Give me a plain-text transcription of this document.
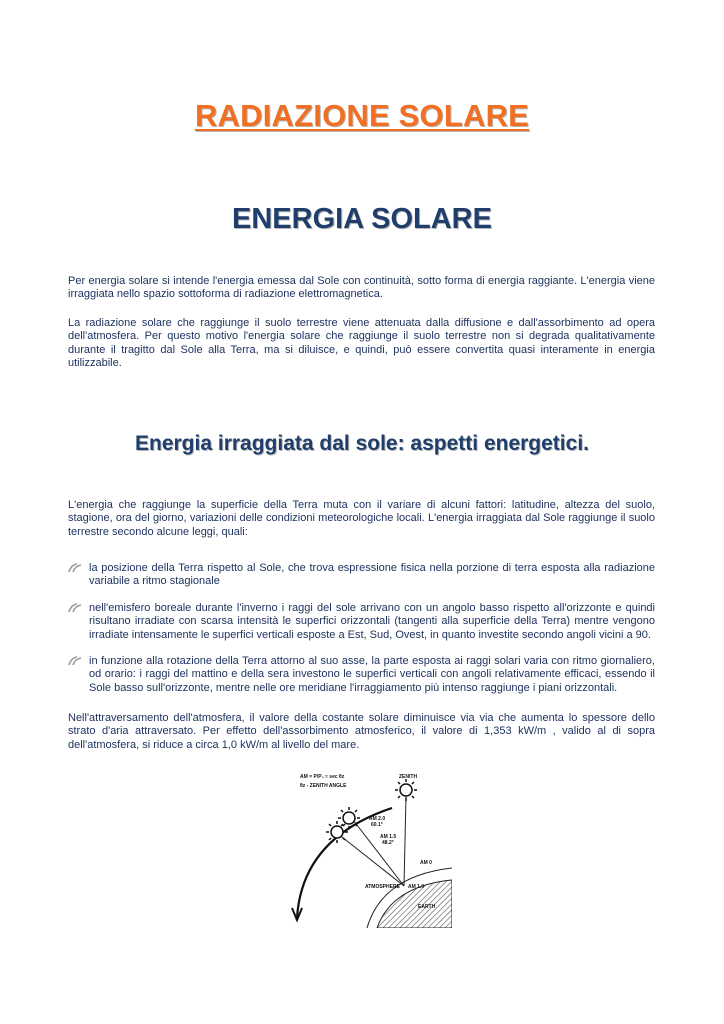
RADIAZIONE SOLARE
ENERGIA SOLARE

Per energia solare si intende l'energia emessa dal Sole con continuità, sotto forma di energia raggiante. L'energia viene irraggiata nello spazio sottoforma di radiazione elettromagnetica.

La radiazione solare che raggiunge il suolo terrestre viene attenuata dalla diffusione e dall'assorbimento ad opera dell'atmosfera. Per questo motivo l'energia solare che raggiunge il suolo terrestre non si degrada qualitativamente durante il tragitto dal Sole alla Terra, ma si diluisce, e quindi, può essere convertita quasi interamente in energia utilizzabile.

Energia irraggiata dal sole: aspetti energetici.

L'energia che raggiunge la superficie della Terra muta con il variare di alcuni fattori: latitudine, altezza del suolo, stagione, ora del giorno, variazioni delle condizioni meteorologiche locali. L'energia irraggiata dal Sole raggiunge il suolo terrestre secondo alcune leggi, quali:

la posizione della Terra rispetto al Sole, che trova espressione fisica nella porzione di terra esposta alla radiazione variabile a ritmo stagionale
nell'emisfero boreale durante l'inverno i raggi del sole arrivano con un angolo basso rispetto all'orizzonte e quindi risultano irradiate con scarsa intensità le superfici orizzontali (tangenti alla superficie della Terra) mentre vengono irradiate intensamente le superfici verticali esposte a Est, Sud, Ovest, in quanto investite secondo angoli vicini a 90.
in funzione alla rotazione della Terra attorno al suo asse, la parte esposta ai raggi solari varia con ritmo giornaliero, od orario: i raggi del mattino e della sera investono le superfici verticali con angoli relativamente efficaci, essendo il Sole basso sull'orizzonte, mentre nelle ore meridiane l'irraggiamento più intenso raggiunge i piani orizzontali.

Nell'attraversamento dell'atmosfera, il valore della costante solare diminuisce via via che aumenta lo spessore dello strato d'aria attraversato. Per effetto dell'assorbimento atmosferico, il valore di 1,353 kW/m , valido al di sopra dell'atmosfera, si riduce a circa 1,0 kW/m al livello del mare.

AM = P/P₀ ≈ sec θz
θz - ZENITH ANGLE
ZENITH
AM 2.0
60.1°
AM 1.5
48.2°
AM 0
AM 1.0
ATMOSPHERE
EARTH
